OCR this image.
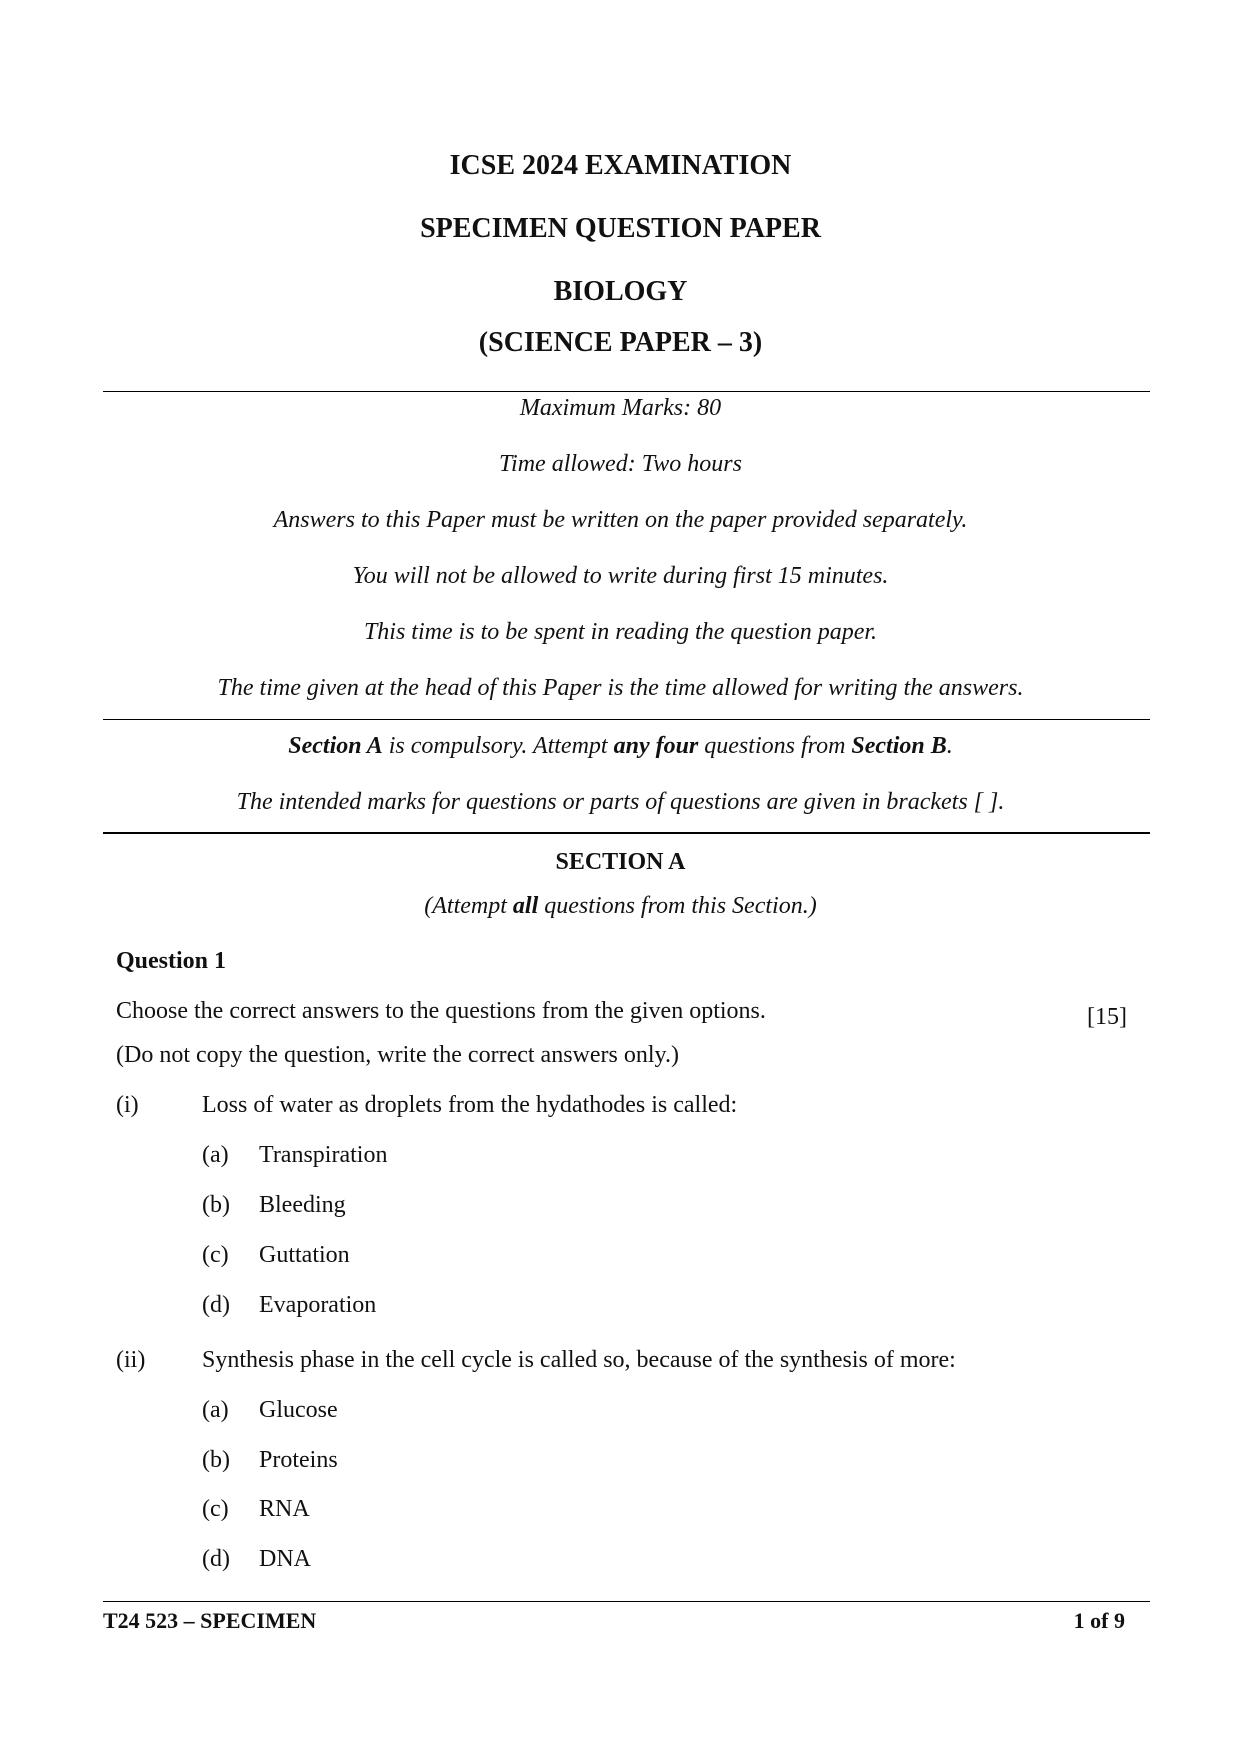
ICSE 2024 EXAMINATION
SPECIMEN QUESTION PAPER
BIOLOGY
(SCIENCE PAPER – 3)
Maximum Marks: 80
Time allowed: Two hours
Answers to this Paper must be written on the paper provided separately.
You will not be allowed to write during first 15 minutes.
This time is to be spent in reading the question paper.
The time given at the head of this Paper is the time allowed for writing the answers.
Section A is compulsory. Attempt any four questions from Section B.
The intended marks for questions or parts of questions are given in brackets [ ].
SECTION A
(Attempt all questions from this Section.)
Question 1
Choose the correct answers to the questions from the given options.	[15]
(Do not copy the question, write the correct answers only.)
(i)	Loss of water as droplets from the hydathodes is called:
(a) Transpiration
(b) Bleeding
(c) Guttation
(d) Evaporation
(ii) Synthesis phase in the cell cycle is called so, because of the synthesis of more:
(a) Glucose
(b) Proteins
(c) RNA
(d) DNA
T24 523 – SPECIMEN	1 of 9
